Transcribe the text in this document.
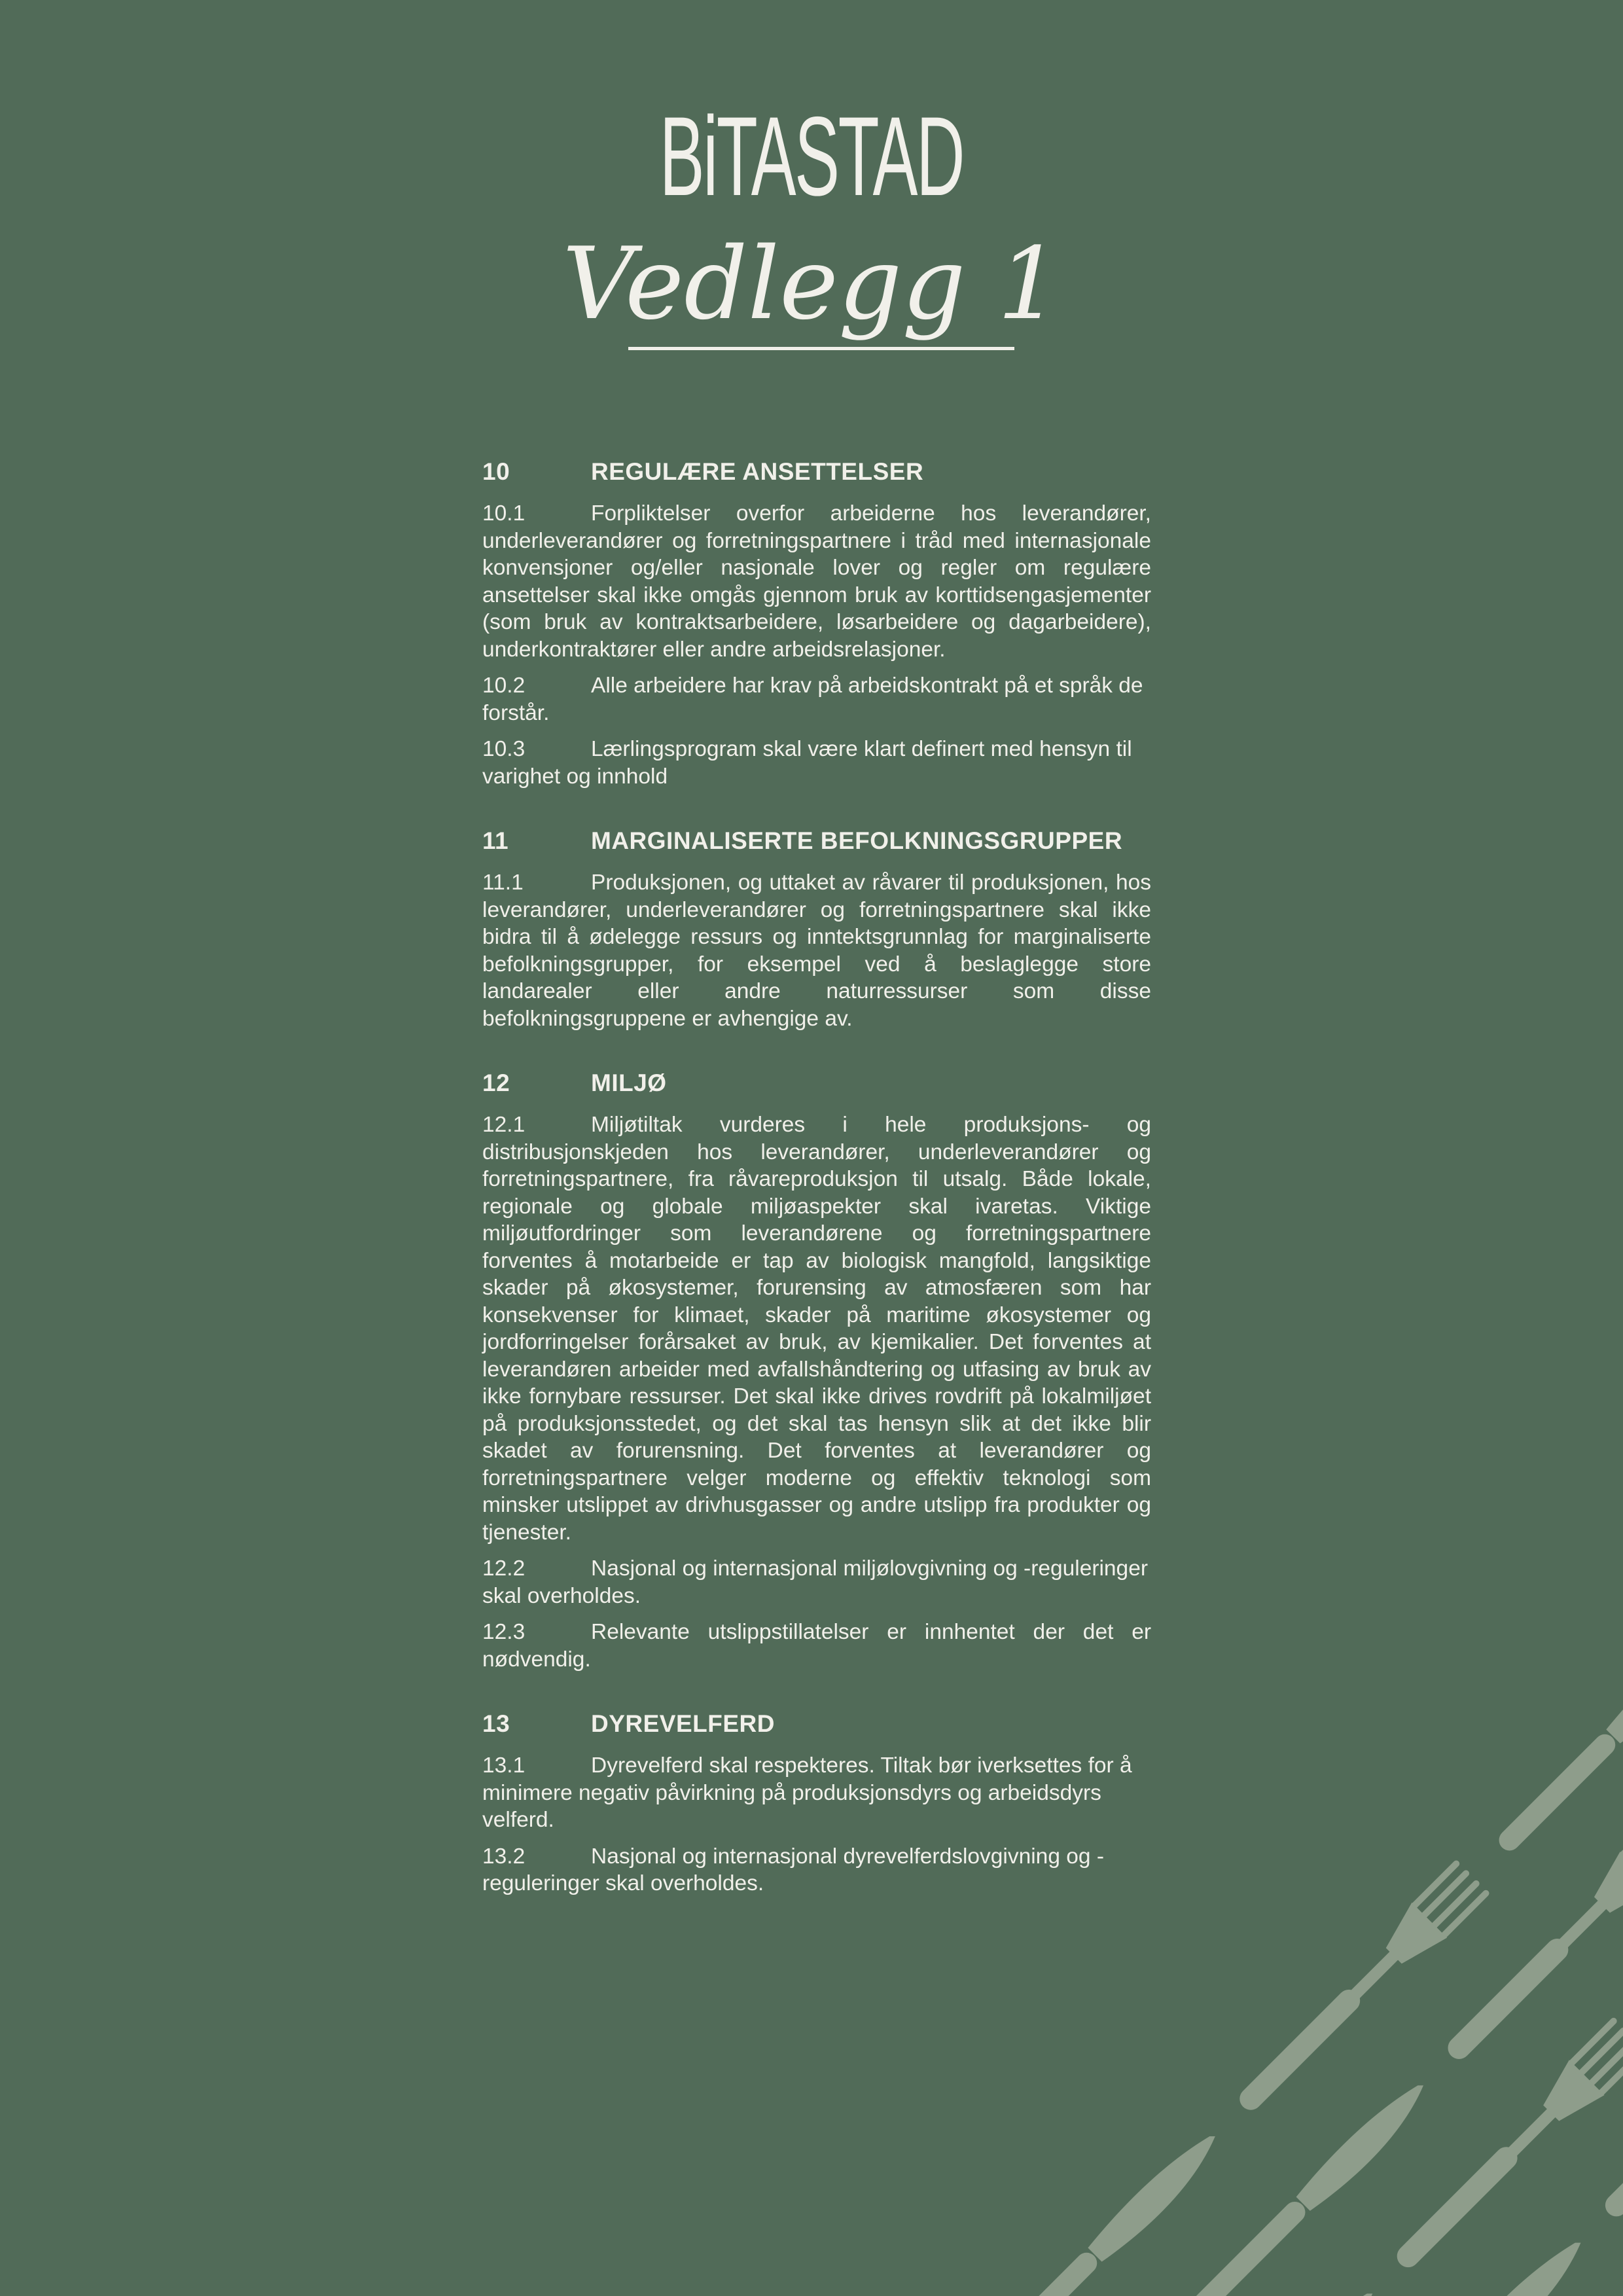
BiTASTAD
Vedlegg 1
10	REGULÆRE ANSETTELSER

10.1	Forpliktelser overfor arbeiderne hos leverandører, underleverandører og forretningspartnere i tråd med internasjonale konvensjoner og/eller nasjonale lover og regler om regulære ansettelser skal ikke omgås gjennom bruk av korttidsengasjementer (som bruk av kontraktsarbeidere, løsarbeidere og dagarbeidere), underkontraktører eller andre arbeidsrelasjoner.

10.2	Alle arbeidere har krav på arbeidskontrakt på et språk de forstår.

10.3	Lærlingsprogram skal være klart definert med hensyn til varighet og innhold

11	MARGINALISERTE BEFOLKNINGSGRUPPER

11.1	Produksjonen, og uttaket av råvarer til produksjonen, hos leverandører, underleverandører og forretningspartnere skal ikke bidra til å ødelegge ressurs og inntektsgrunnlag for marginaliserte befolkningsgrupper, for eksempel ved å beslaglegge store landarealer eller andre naturressurser som disse befolkningsgruppene er avhengige av.

12	MILJØ

12.1	Miljøtiltak vurderes i hele produksjons- og distribusjonskjeden hos leverandører, underleverandører og forretningspartnere, fra råvareproduksjon til utsalg. Både lokale, regionale og globale miljøaspekter skal ivaretas. Viktige miljøutfordringer som leverandørene og forretningspartnere forventes å motarbeide er tap av biologisk mangfold, langsiktige skader på økosystemer, forurensing av atmosfæren som har konsekvenser for klimaet, skader på maritime økosystemer og jordforringelser forårsaket av bruk, av kjemikalier. Det forventes at leverandøren arbeider med avfallshåndtering og utfasing av bruk av ikke fornybare ressurser. Det skal ikke drives rovdrift på lokalmiljøet på produksjonsstedet, og det skal tas hensyn slik at det ikke blir skadet av forurensning. Det forventes at leverandører og forretningspartnere velger moderne og effektiv teknologi som minsker utslippet av drivhusgasser og andre utslipp fra produkter og tjenester.

12.2	Nasjonal og internasjonal miljølovgivning og -reguleringer skal overholdes.

12.3	Relevante utslippstillatelser er innhentet der det er nødvendig.

13	DYREVELFERD

13.1	Dyrevelferd skal respekteres. Tiltak bør iverksettes for å minimere negativ påvirkning på produksjonsdyrs og arbeidsdyrs velferd.

13.2	Nasjonal og internasjonal dyrevelferdslovgivning og -reguleringer skal overholdes.
